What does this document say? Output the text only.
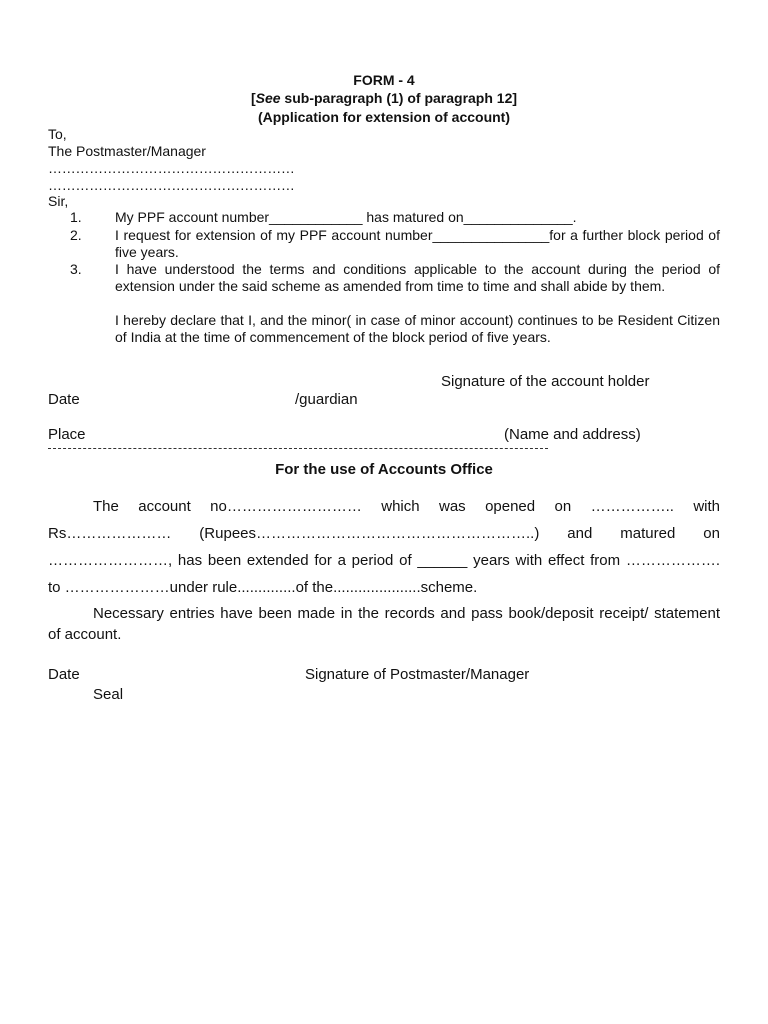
FORM - 4
[See sub-paragraph (1) of paragraph 12]
(Application for extension of account)
To,
The Postmaster/Manager
………………………………………………
………………………………………………
Sir,
1. My PPF account number____________ has matured on______________.
2. I request for extension of my PPF account number_______________for a further block period of
five years.
3. I have understood the terms and conditions applicable to the account during the period of
extension under the said scheme as amended from time to time and shall abide by them.
I hereby declare that I, and the minor( in case of minor account) continues to be Resident Citizen
of India at the time of commencement of the block period of five years.
Signature of the account holder
Date	/guardian
Place	(Name and address)
For the use of Accounts Office
The account no……………………… which was opened on …………….. with
Rs………………… (Rupees………………………………………………..) and matured on
……………………, has been extended for a period of ______ years with effect from ……………….
to …………………under rule..............of the.....................scheme.
Necessary entries have been made in the records and pass book/deposit receipt/ statement
of account.
Date	Signature of Postmaster/Manager
Seal
